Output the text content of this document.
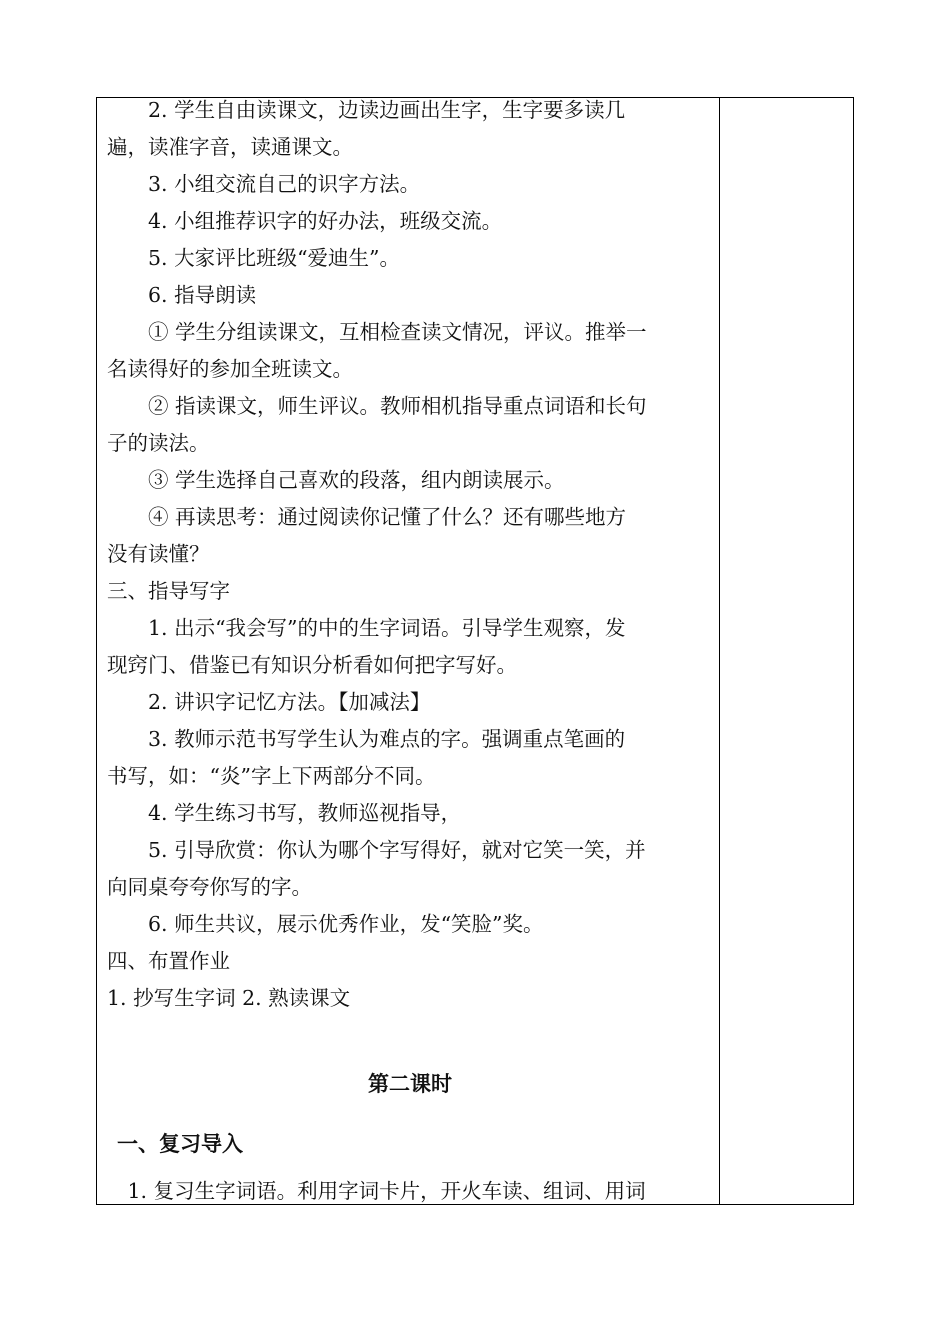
　　2. 学生自由读课文，边读边画出生字，生字要多读几
遍，读准字音，读通课文。
　　3. 小组交流自己的识字方法。
　　4. 小组推荐识字的好办法，班级交流。
　　5. 大家评比班级“爱迪生”。
　　6. 指导朗读
　　① 学生分组读课文，互相检查读文情况，评议。推举一
名读得好的参加全班读文。
　　② 指读课文，师生评议。教师相机指导重点词语和长句
子的读法。
　　③ 学生选择自己喜欢的段落，组内朗读展示。
　　④ 再读思考：通过阅读你记懂了什么？还有哪些地方
没有读懂？
三、指导写字
　　1. 出示“我会写”的中的生字词语。引导学生观察，发
现窍门、借鉴已有知识分析看如何把字写好。
　　2. 讲识字记忆方法。【加减法】
　　3. 教师示范书写学生认为难点的字。强调重点笔画的
书写，如：“炎”字上下两部分不同。
　　4. 学生练习书写，教师巡视指导，
　　5. 引导欣赏：你认为哪个字写得好，就对它笑一笑，并
向同桌夸夸你写的字。
　　6. 师生共议，展示优秀作业，发“笑脸”奖。
四、布置作业
1. 抄写生字词 2. 熟读课文
第二课时
一、复习导入
　1. 复习生字词语。利用字词卡片，开火车读、组词、用词
